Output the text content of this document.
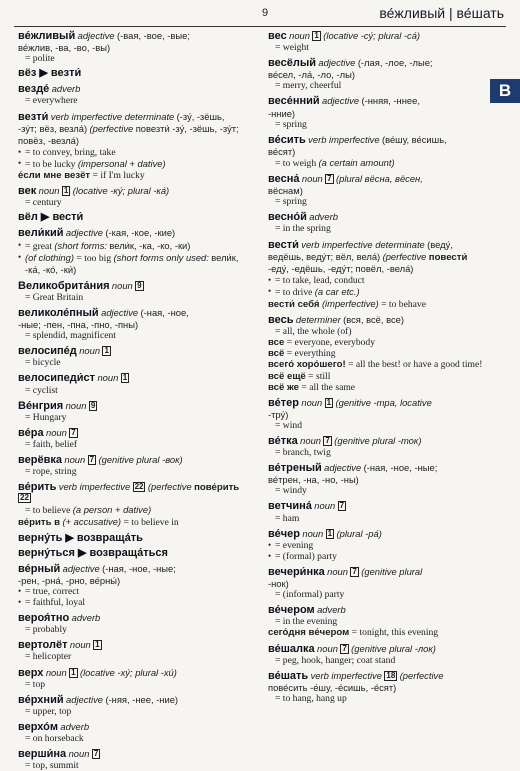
9	ве́жливый | ве́шать
В
ве́жливый adjective (-вая, -вое, -вые;
ве́жлив, -ва, -во, -вы)
= polite
вёз ▶ везти́
везде́ adverb
= everywhere
везти́ verb imperfective determinate (-зу́, -зёшь, -зу́т; вёз, везла́) (perfective повезти́ -зу́, -зёшь, -зу́т; повёз, -везла́)
• = to convey, bring, take
• = to be lucky (impersonal + dative)
е́сли мне везёт = if I'm lucky
век noun 1 (locative -ку́; plural -ка́)
= century
вёл ▶ вести́
вели́кий adjective (-кая, -кое, -кие)
• = great (short forms: вели́к, -ка, -ко, -ки)
• (of clothing) = too big (short forms only used: вели́к, -ка́, -ко́, -ки́)
Великобрита́ния noun 9
= Great Britain
великоле́пный adjective (-ная, -ное,
-ные; -пен, -пна, -пно, -пны)
= splendid, magnificent
велосипе́д noun 1
= bicycle
велосипеди́ст noun 1
= cyclist
Ве́нгрия noun 9
= Hungary
ве́ра noun 7
= faith, belief
верёвка noun 7 (genitive plural -вок)
= rope, string
ве́рить verb imperfective 22 (perfective пове́рить 22
= to believe (a person + dative)
ве́рить в (+ accusative) = to believe in
верну́ть ▶ возвраща́ть
верну́ться ▶ возвраща́ться
ве́рный adjective (-ная, -ное, -ные;
-рен, -рна́, -рно, ве́рны́)
• = true, correct
• = faithful, loyal
вероя́тно adverb
= probably
вертолёт noun 1
= helicopter
верх noun 1 (locative -ху́; plural -хи́)
= top
ве́рхний adjective (-няя, -нее, -ние)
= upper, top
верхо́м adverb
= on horseback
верши́на noun 7
= top, summit
вес noun 1 (locative -су́; plural -са́)
= weight
весёлый adjective (-лая, -лое, -лые;
ве́сел, -ла́, -ло, -лы)
= merry, cheerful
весе́нний adjective (-нняя, -ннее,
-нние)
= spring
ве́сить verb imperfective (ве́шу, ве́сишь,
ве́сят)
= to weigh (a certain amount)
весна́ noun 7 (plural вёсна, вёсен,
вёснам)
= spring
весно́й adverb
= in the spring
вести́ verb imperfective determinate (веду́, ведёшь, веду́т; вёл, вела́) (perfective повести́ -еду́, -едёшь, -еду́т; повёл, -вела́)
• = to take, lead, conduct
• = to drive (a car etc.)
вести́ себя́ (imperfective) = to behave
весь determiner (вся, всё, все)
= all, the whole (of)
все = everyone, everybody
всё = everything
всего́ хоро́шего! = all the best! or have a good time!
всё ещё = still
всё же = all the same
ве́тер noun 1 (genitive -тра, locative
-тру́)
= wind
ве́тка noun 7 (genitive plural -ток)
= branch, twig
ве́треный adjective (-ная, -ное, -ные;
ве́трен, -на, -но, -ны)
= windy
ветчина́ noun 7
= ham
ве́чер noun 1 (plural -ра́)
• = evening
• = (formal) party
вечери́нка noun 7 (genitive plural
-нок)
= (informal) party
ве́чером adverb
= in the evening
сего́дня ве́чером = tonight, this evening
ве́шалка noun 7 (genitive plural -лок)
= peg, hook, hanger; coat stand
ве́шать verb imperfective 18 (perfective
пове́сить -е́шу, -е́сишь, -е́сят)
= to hang, hang up
